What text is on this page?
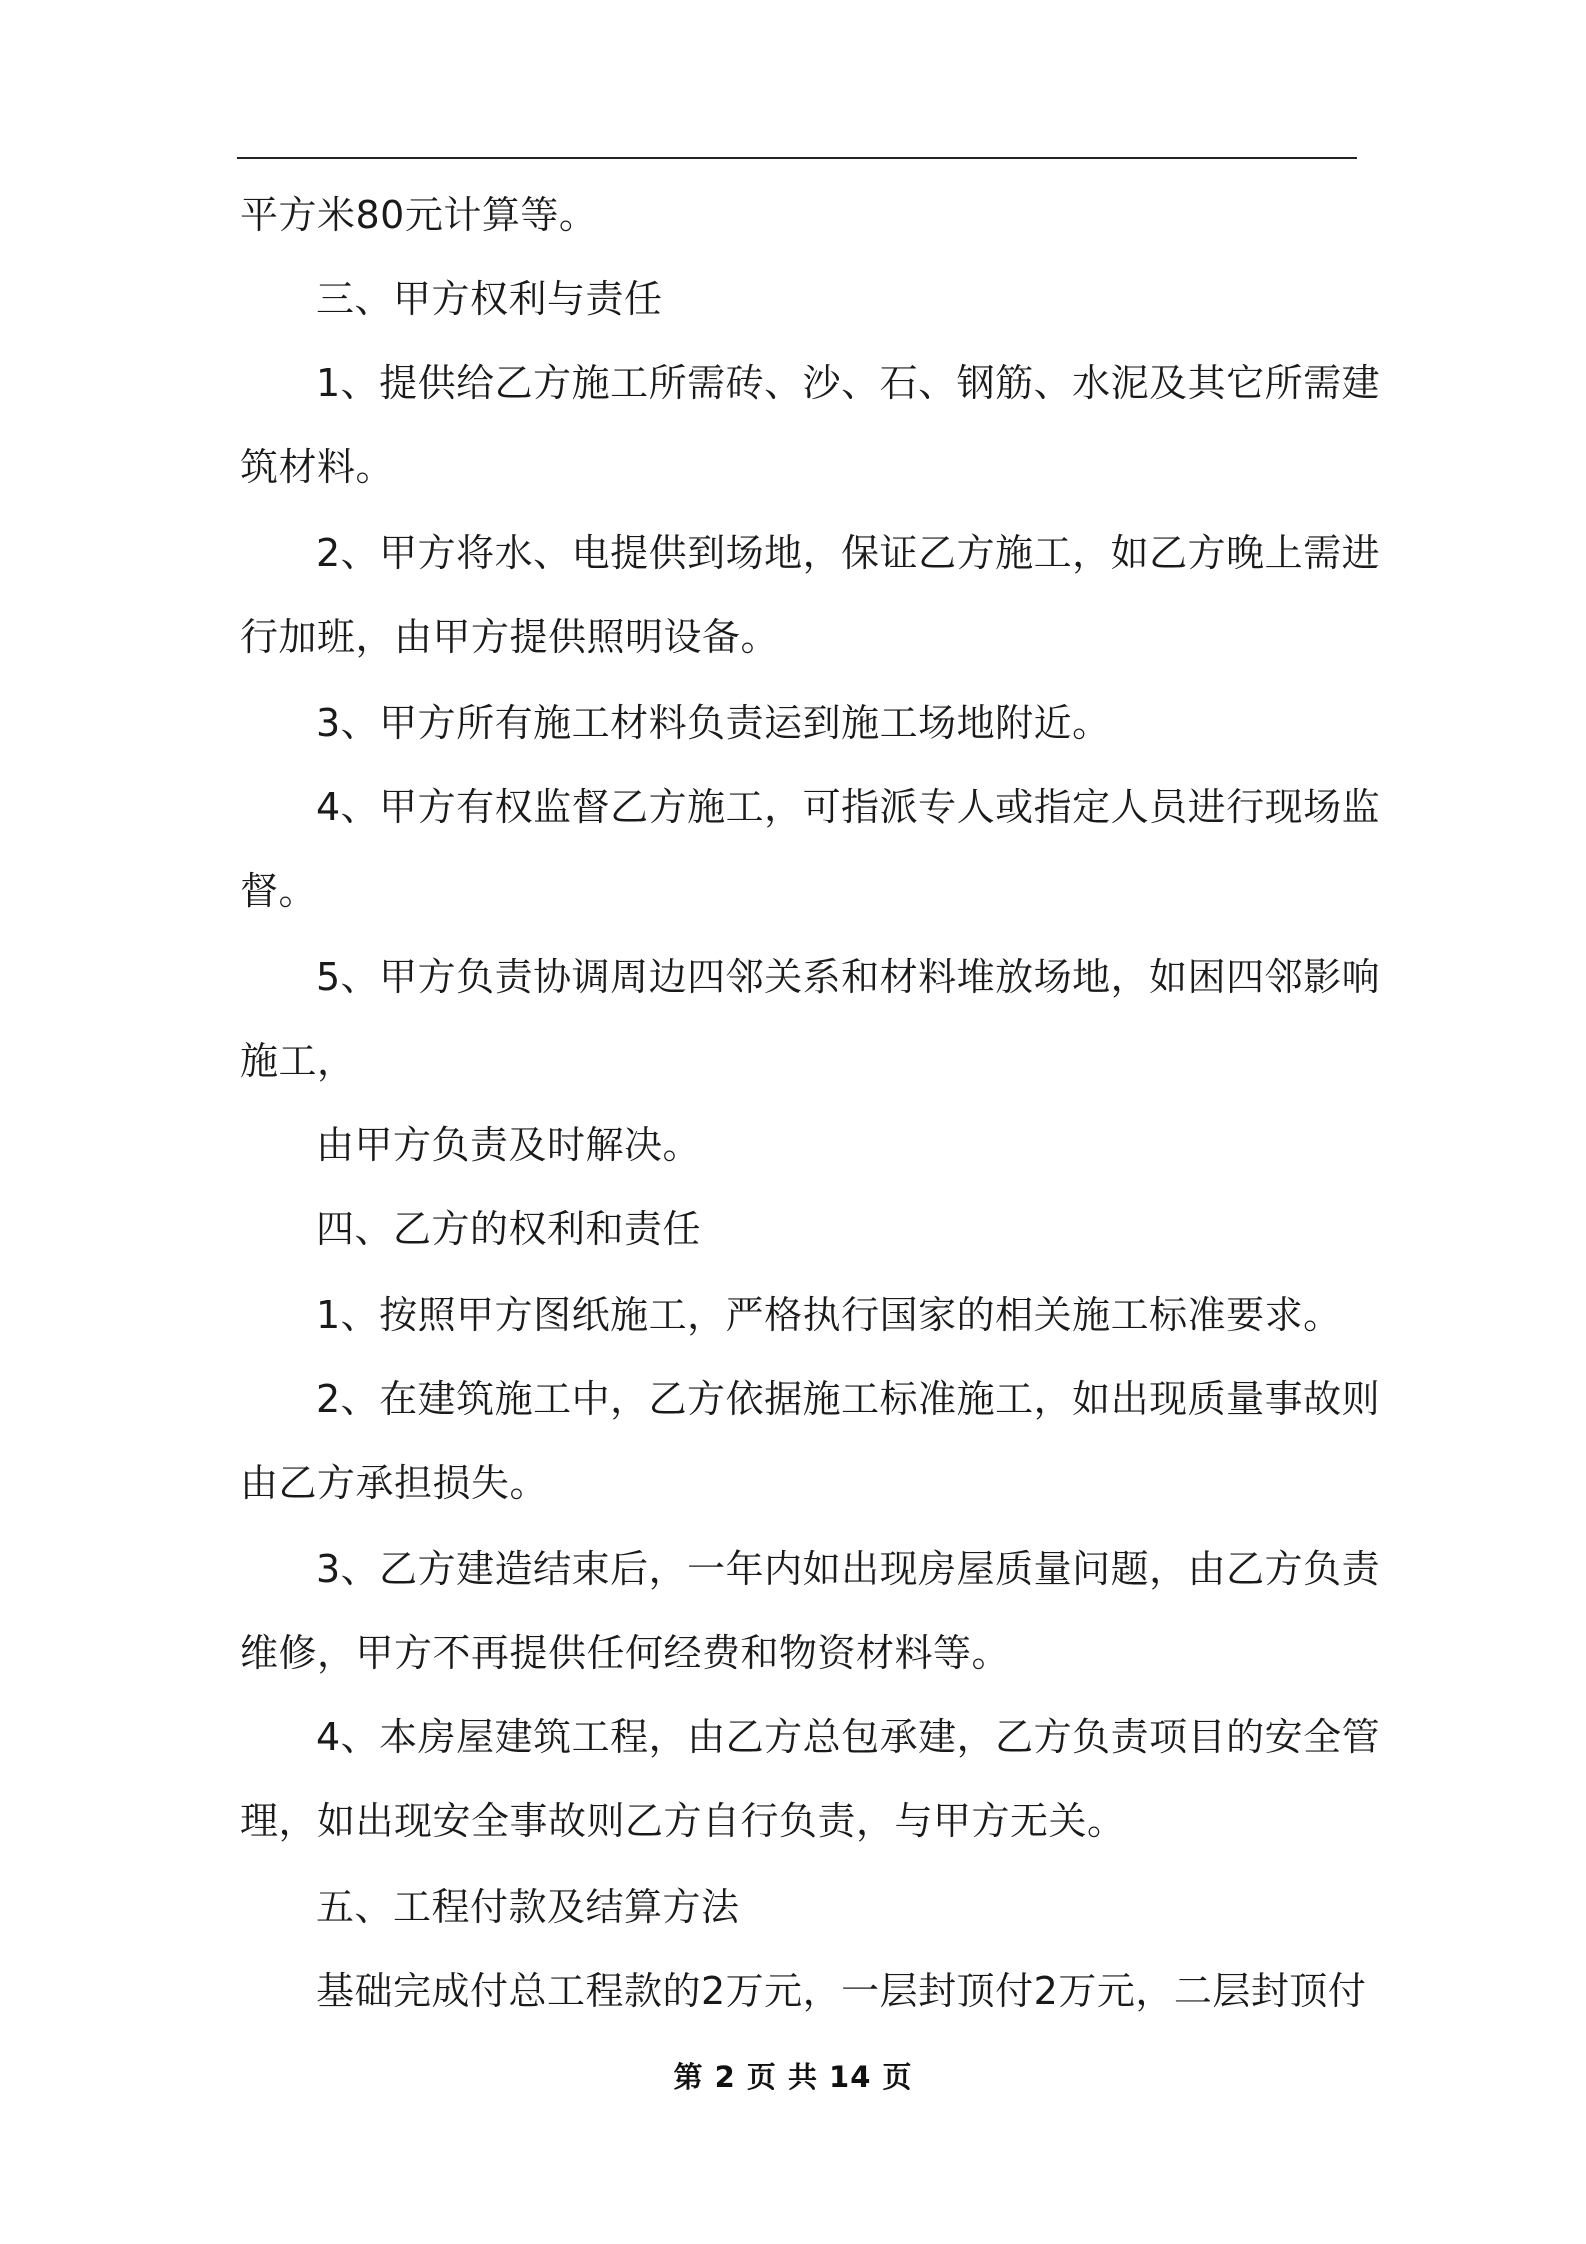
平方米80元计算等。
三、甲方权利与责任
1、提供给乙方施工所需砖、沙、石、钢筋、水泥及其它所需建
筑材料。
2、甲方将水、电提供到场地，保证乙方施工，如乙方晚上需进
行加班，由甲方提供照明设备。
3、甲方所有施工材料负责运到施工场地附近。
4、甲方有权监督乙方施工，可指派专人或指定人员进行现场监
督。
5、甲方负责协调周边四邻关系和材料堆放场地，如困四邻影响
施工，
由甲方负责及时解决。
四、乙方的权利和责任
1、按照甲方图纸施工，严格执行国家的相关施工标准要求。
2、在建筑施工中，乙方依据施工标准施工，如出现质量事故则
由乙方承担损失。
3、乙方建造结束后，一年内如出现房屋质量问题，由乙方负责
维修，甲方不再提供任何经费和物资材料等。
4、本房屋建筑工程，由乙方总包承建，乙方负责项目的安全管
理，如出现安全事故则乙方自行负责，与甲方无关。
五、工程付款及结算方法
基础完成付总工程款的2万元，一层封顶付2万元，二层封顶付
第 2 页 共 14 页
